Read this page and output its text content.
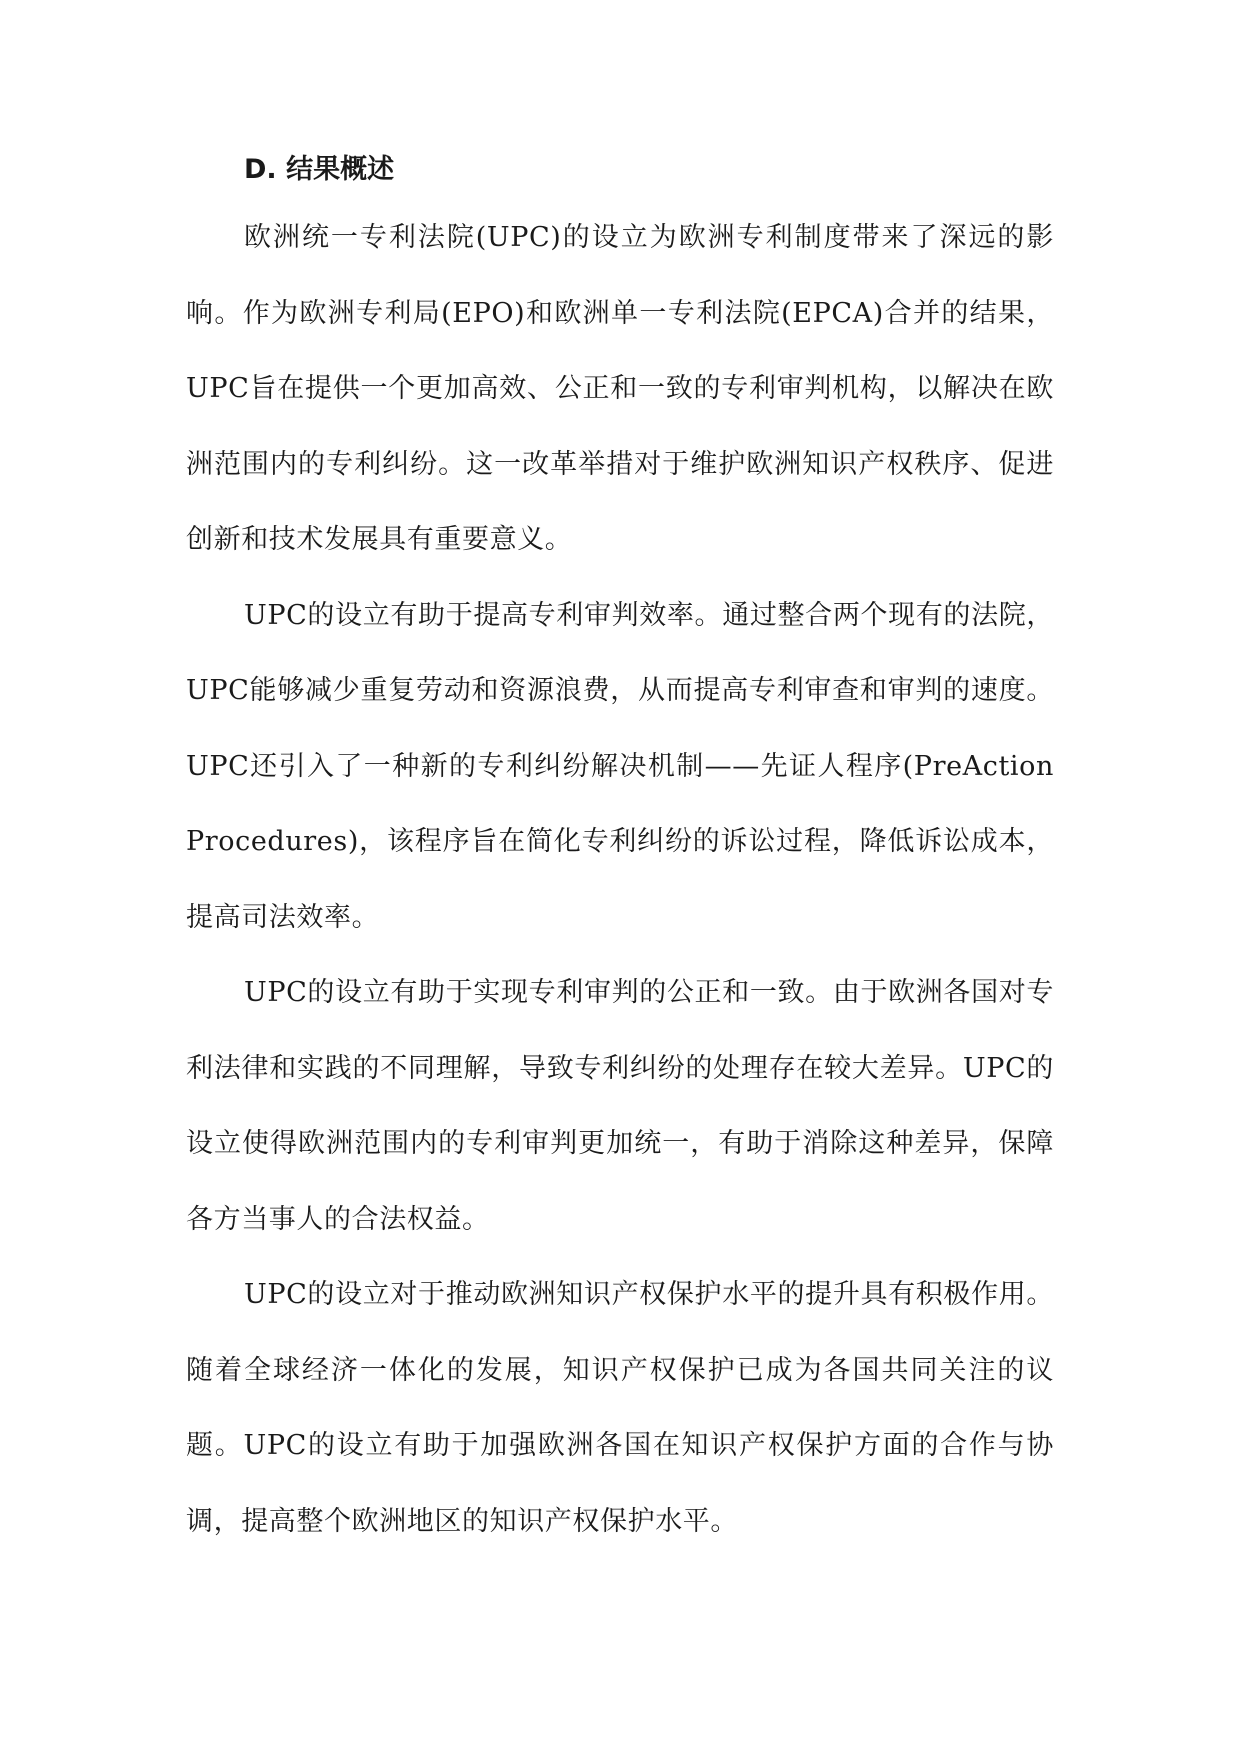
D. 结果概述

欧洲统一专利法院(UPC)的设立为欧洲专利制度带来了深远的影响。作为欧洲专利局(EPO)和欧洲单一专利法院(EPCA)合并的结果，UPC旨在提供一个更加高效、公正和一致的专利审判机构，以解决在欧洲范围内的专利纠纷。这一改革举措对于维护欧洲知识产权秩序、促进创新和技术发展具有重要意义。

UPC的设立有助于提高专利审判效率。通过整合两个现有的法院，UPC能够减少重复劳动和资源浪费，从而提高专利审查和审判的速度。UPC还引入了一种新的专利纠纷解决机制——先证人程序(PreAction Procedures)，该程序旨在简化专利纠纷的诉讼过程，降低诉讼成本，提高司法效率。

UPC的设立有助于实现专利审判的公正和一致。由于欧洲各国对专利法律和实践的不同理解，导致专利纠纷的处理存在较大差异。UPC的设立使得欧洲范围内的专利审判更加统一，有助于消除这种差异，保障各方当事人的合法权益。

UPC的设立对于推动欧洲知识产权保护水平的提升具有积极作用。随着全球经济一体化的发展，知识产权保护已成为各国共同关注的议题。UPC的设立有助于加强欧洲各国在知识产权保护方面的合作与协调，提高整个欧洲地区的知识产权保护水平。
